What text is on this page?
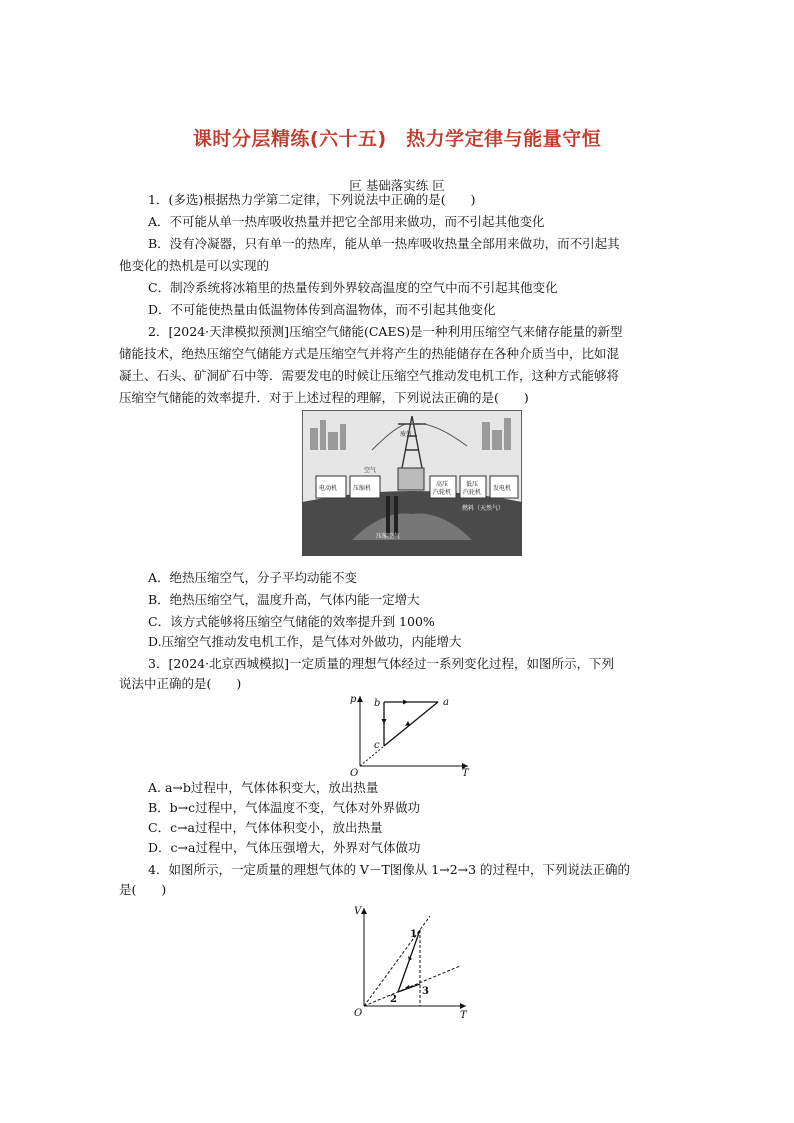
课时分层精练(六十五)　热力学定律与能量守恒
叵 基础落实练 叵
1．(多选)根据热力学第二定律，下列说法中正确的是(　　)
A．不可能从单一热库吸收热量并把它全部用来做功，而不引起其他变化
B．没有冷凝器，只有单一的热库，能从单一热库吸收热量全部用来做功，而不引起其
他变化的热机是可以实现的
C．制冷系统将冰箱里的热量传到外界较高温度的空气中而不引起其他变化
D．不可能使热量由低温物体传到高温物体，而不引起其他变化
2．[2024·天津模拟预测]压缩空气储能(CAES)是一种利用压缩空气来储存能量的新型
储能技术，绝热压缩空气储能方式是压缩空气并将产生的热能储存在各种介质当中，比如混
凝土、石头、矿洞矿石中等．需要发电的时候让压缩空气推动发电机工作，这种方式能够将
压缩空气储能的效率提升．对于上述过程的理解，下列说法正确的是(　　)
废气
空气
电动机	压缩机
高压
汽轮机
低压
汽轮机
发电机
燃料（天然气）
压缩空气
A．绝热压缩空气，分子平均动能不变
B．绝热压缩空气，温度升高，气体内能一定增大
C．该方式能够将压缩空气储能的效率提升到 100%
D.压缩空气推动发电机工作，是气体对外做功，内能增大
3．[2024·北京西城模拟]一定质量的理想气体经过一系列变化过程，如图所示，下列
说法中正确的是(　　)
p
T
O
a
b
c
A. a→b过程中，气体体积变大，放出热量
B．b→c过程中，气体温度不变，气体对外界做功
C．c→a过程中，气体体积变小，放出热量
D．c→a过程中，气体压强增大，外界对气体做功
4．如图所示，一定质量的理想气体的 V－T图像从 1→2→3 的过程中，下列说法正确的
是(　　)
V
T
O
1
2
3
